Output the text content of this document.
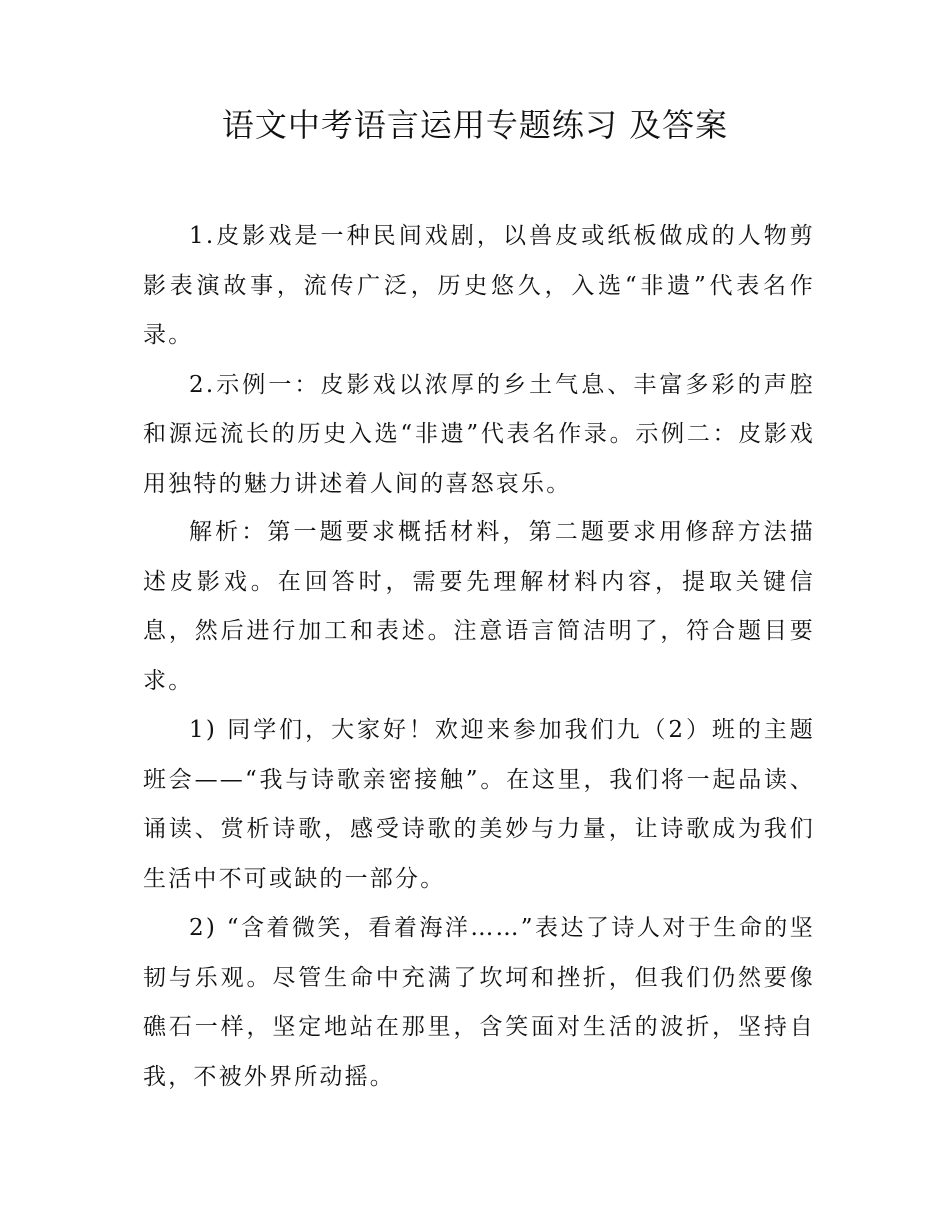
语文中考语言运用专题练习 及答案

1.皮影戏是一种民间戏剧，以兽皮或纸板做成的人物剪影表演故事，流传广泛，历史悠久，入选“非遗”代表名作录。

2.示例一：皮影戏以浓厚的乡土气息、丰富多彩的声腔和源远流长的历史入选“非遗”代表名作录。示例二：皮影戏用独特的魅力讲述着人间的喜怒哀乐。

解析：第一题要求概括材料，第二题要求用修辞方法描述皮影戏。在回答时，需要先理解材料内容，提取关键信息，然后进行加工和表述。注意语言简洁明了，符合题目要求。

1) 同学们，大家好！欢迎来参加我们九（2）班的主题班会——“我与诗歌亲密接触”。在这里，我们将一起品读、诵读、赏析诗歌，感受诗歌的美妙与力量，让诗歌成为我们生活中不可或缺的一部分。

2) “含着微笑，看着海洋……”表达了诗人对于生命的坚韧与乐观。尽管生命中充满了坎坷和挫折，但我们仍然要像礁石一样，坚定地站在那里，含笑面对生活的波折，坚持自我，不被外界所动摇。
